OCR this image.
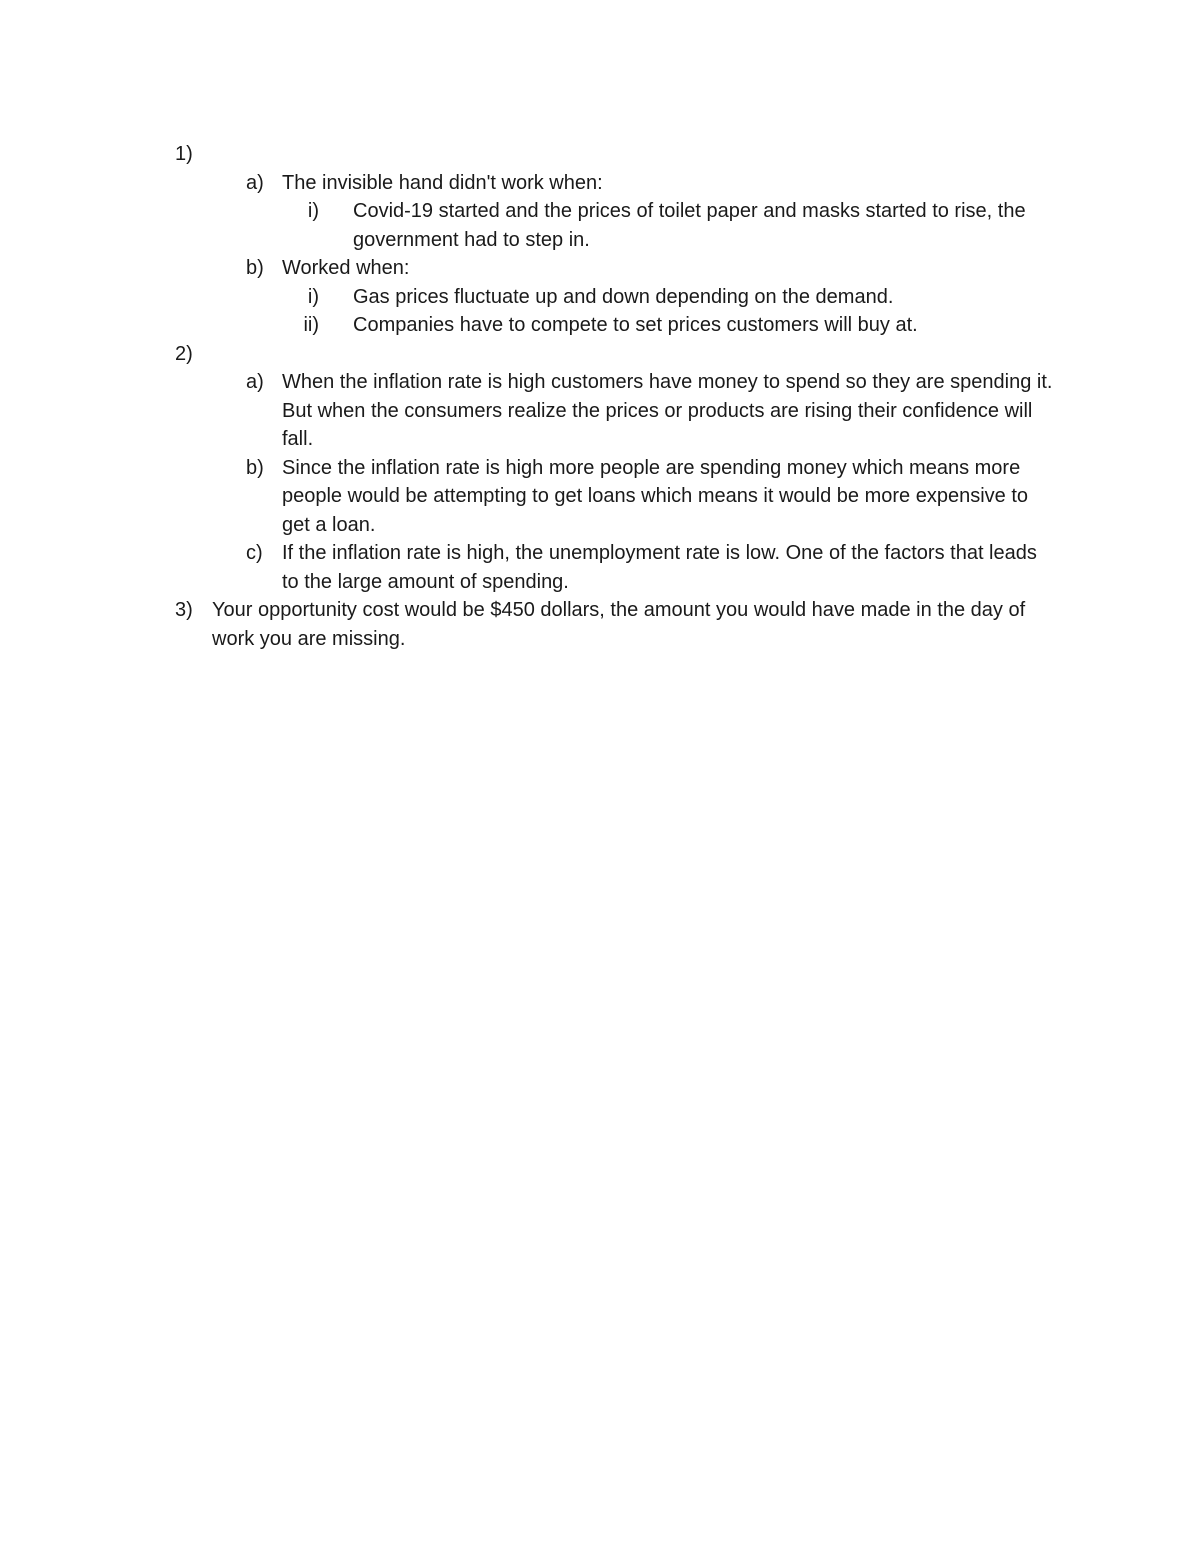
1)
a) The invisible hand didn't work when:
i) Covid-19 started and the prices of toilet paper and masks started to rise, the government had to step in.
b) Worked when:
i) Gas prices fluctuate up and down depending on the demand.
ii) Companies have to compete to set prices customers will buy at.
2)
a) When the inflation rate is high customers have money to spend so they are spending it. But when the consumers realize the prices or products are rising their confidence will fall.
b) Since the inflation rate is high more people are spending money which means more people would be attempting to get loans which means it would be more expensive to get a loan.
c) If the inflation rate is high, the unemployment rate is low. One of the factors that leads to the large amount of spending.
3) Your opportunity cost would be $450 dollars, the amount you would have made in the day of work you are missing.
